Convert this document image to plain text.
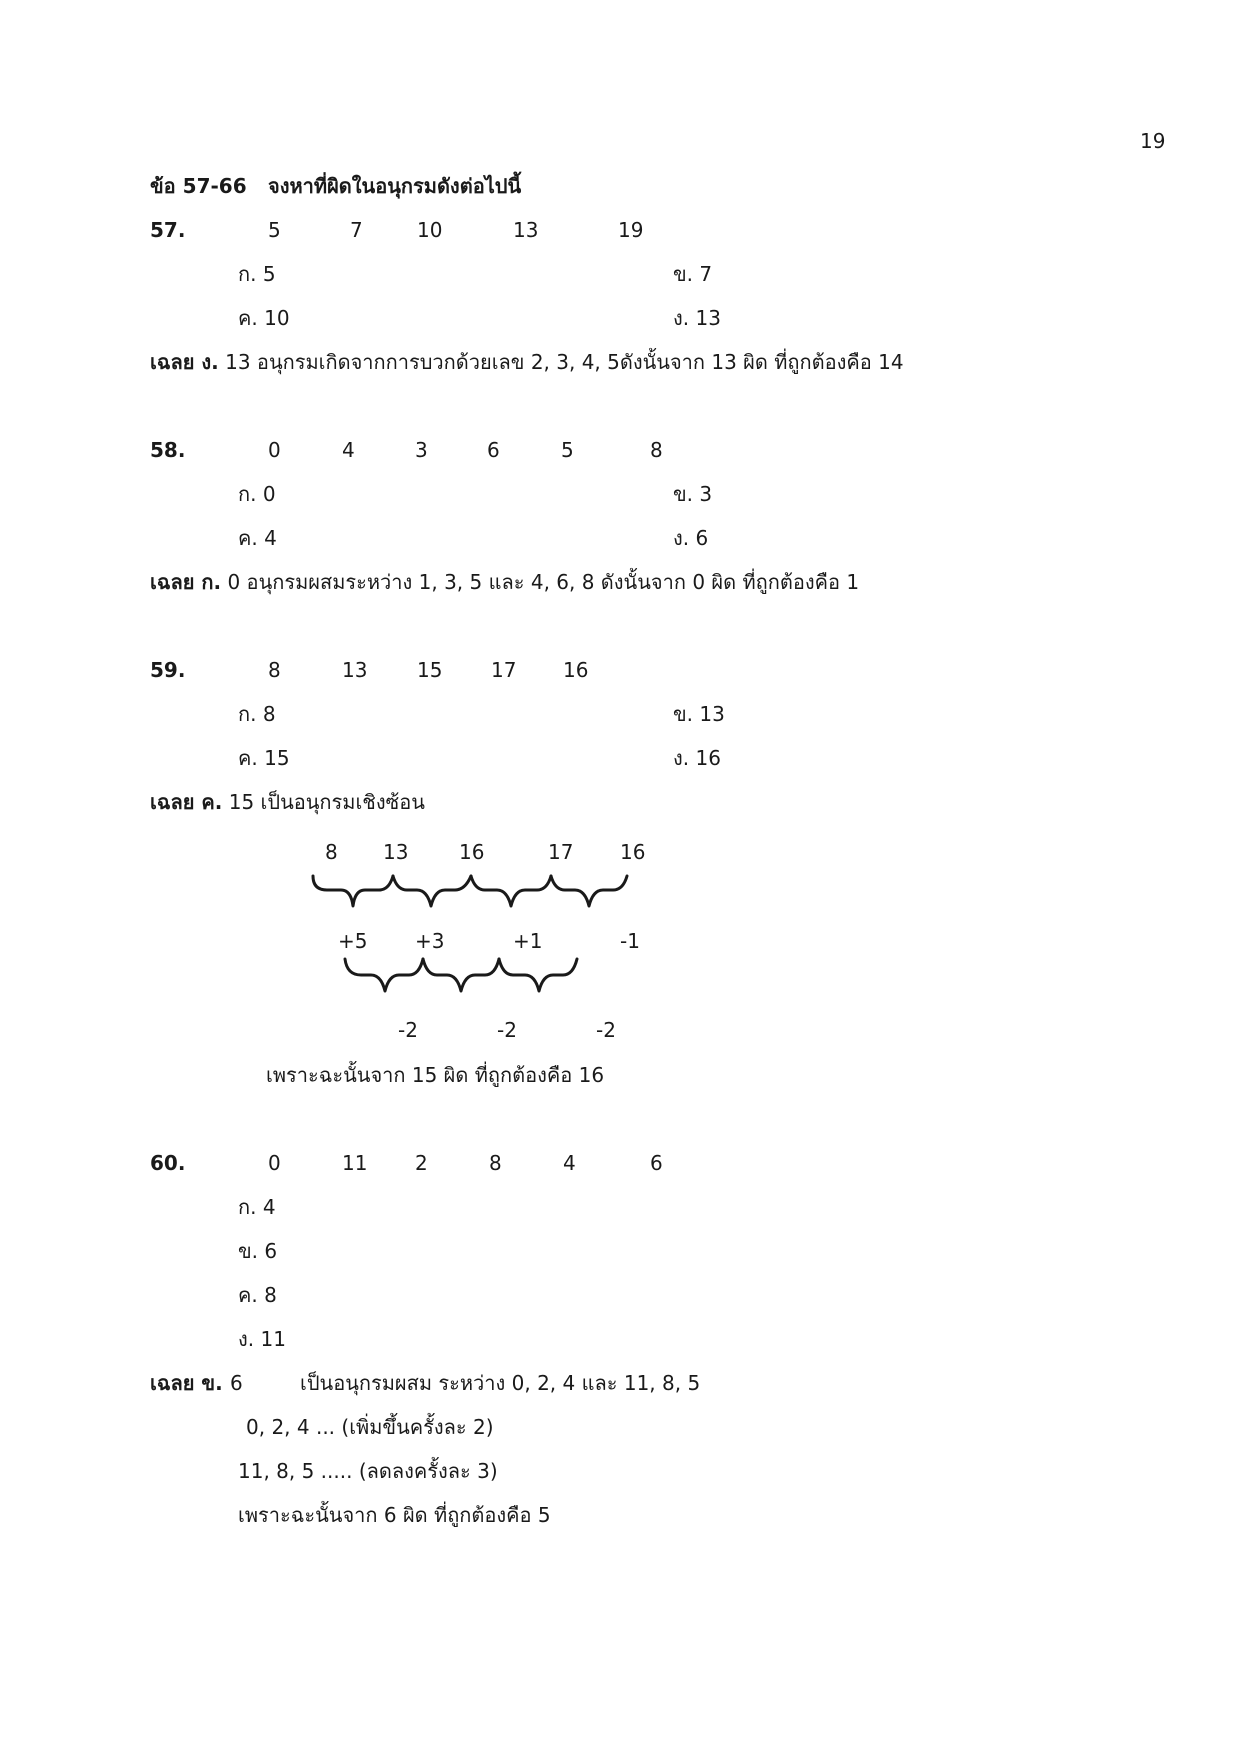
19
ข้อ 57-66 จงหาที่ผิดในอนุกรมดังต่อไปนี้
57.	5	7	10	13	19
ก. 5	ข. 7
ค. 10	ง. 13
เฉลย ง. 13 อนุกรมเกิดจากการบวกด้วยเลข 2, 3, 4, 5ดังนั้นจาก 13 ผิด ที่ถูกต้องคือ 14
58.	0	4	3	6	5	8
ก. 0	ข. 3
ค. 4	ง. 6
เฉลย ก. 0 อนุกรมผสมระหว่าง 1, 3, 5 และ 4, 6, 8 ดังนั้นจาก 0 ผิด ที่ถูกต้องคือ 1
59.	8	13 15 17 16
ก. 8	ข. 13
ค. 15	ง. 16
เฉลย ค. 15 เป็นอนุกรมเชิงซ้อน
8 13	16	17 16
+5 +3	+1	-1
-2	-2	-2
เพราะฉะนั้นจาก 15 ผิด ที่ถูกต้องคือ 16
60.	0	11 2	8	4	6
ก. 4
ข. 6
ค. 8
ง. 11
เฉลย ข. 6	เป็นอนุกรมผสม ระหว่าง 0, 2, 4 และ 11, 8, 5
0, 2, 4 ... (เพิ่มขึ้นครั้งละ 2)
11, 8, 5 ..... (ลดลงครั้งละ 3)
เพราะฉะนั้นจาก 6 ผิด ที่ถูกต้องคือ 5
